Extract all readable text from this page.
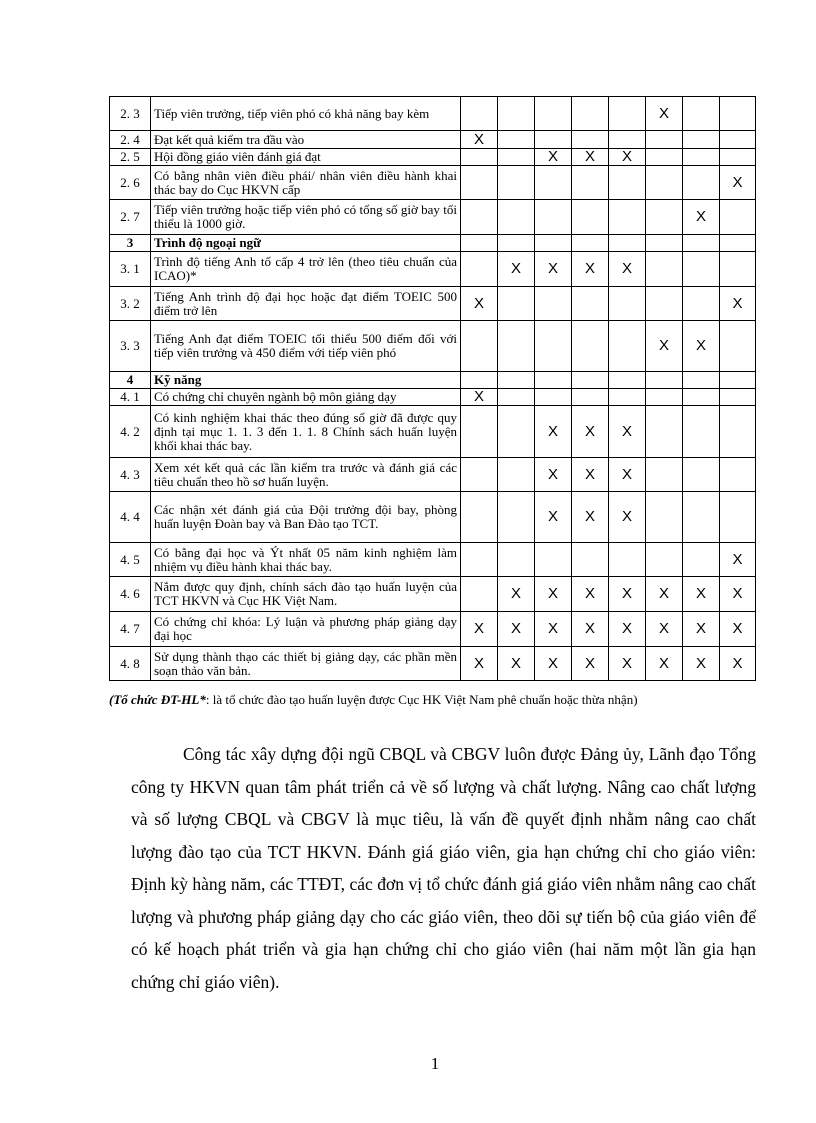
2. 3	Tiếp viên trưởng, tiếp viên phó có khả năng bay kèm						X		
2. 4	Đạt kết quả kiểm tra đầu vào	X							
2. 5	Hội đồng giáo viên đánh giá đạt			X	X	X			
2. 6	Có bằng nhân viên điều phái/ nhân viên điều hành khai thác bay do Cục HKVN cấp								X
2. 7	Tiếp viên trưởng hoặc tiếp viên phó có tổng số giờ bay tối thiểu là 1000 giờ.							X	
3	Trình độ ngoại ngữ								
3. 1	Trình độ tiếng Anh tố cấp 4 trở lên (theo tiêu chuẩn của ICAO)*		X	X	X	X			
3. 2	Tiếng Anh trình độ đại học hoặc đạt điểm TOEIC 500 điểm trở lên	X							X
3. 3	Tiếng Anh đạt điểm TOEIC tối thiểu 500 điểm đối với tiếp viên trưởng và 450 điểm với tiếp viên phó						X	X	
4	Kỹ năng								
4. 1	Có chứng chỉ chuyên ngành bộ môn giảng dạy	X							
4. 2	Có kinh nghiệm khai thác theo đúng số giờ đã được quy định tại mục 1. 1. 3 đến 1. 1. 8 Chính sách huấn luyện khối khai thác bay.			X	X	X			
4. 3	Xem xét kết quả các lần kiểm tra trước và đánh giá các tiêu chuẩn theo hồ sơ huấn luyện.			X	X	X			
4. 4	Các nhận xét đánh giá của Đội trưởng đội bay, phòng huấn luyện Đoàn bay và Ban Đào tạo TCT.			X	X	X			
4. 5	Có bằng đại học và Ýt nhất 05 năm kinh nghiệm làm nhiệm vụ điều hành khai thác bay.								X
4. 6	Nắm được quy định, chính sách đào tạo huấn luyện của TCT HKVN và Cục HK Việt Nam.		X	X	X	X	X	X	X
4. 7	Có chứng chỉ khóa: Lý luận và phương pháp giảng dạy đại học	X	X	X	X	X	X	X	X
4. 8	Sử dụng thành thạo các thiết bị giảng dạy, các phần mền soạn thảo văn bản.	X	X	X	X	X	X	X	X
(Tổ chức ĐT-HL*: là tổ chức đào tạo huấn luyện được Cục HK Việt Nam phê chuẩn hoặc thừa nhận)

Công tác xây dựng đội ngũ CBQL và CBGV luôn được Đảng ủy, Lãnh đạo Tổng công ty HKVN quan tâm phát triển cả về số lượng và chất lượng. Nâng cao chất lượng và số lượng CBQL và CBGV là mục tiêu, là vấn đề quyết định nhằm nâng cao chất lượng đào tạo của TCT HKVN. Đánh giá giáo viên, gia hạn chứng chỉ cho giáo viên: Định kỳ hàng năm, các TTĐT, các đơn vị tổ chức đánh giá giáo viên nhằm nâng cao chất lượng và phương pháp giảng dạy cho các giáo viên, theo dõi sự tiến bộ của giáo viên để có kế hoạch phát triển và gia hạn chứng chỉ cho giáo viên (hai năm một lần gia hạn chứng chỉ giáo viên).

1
